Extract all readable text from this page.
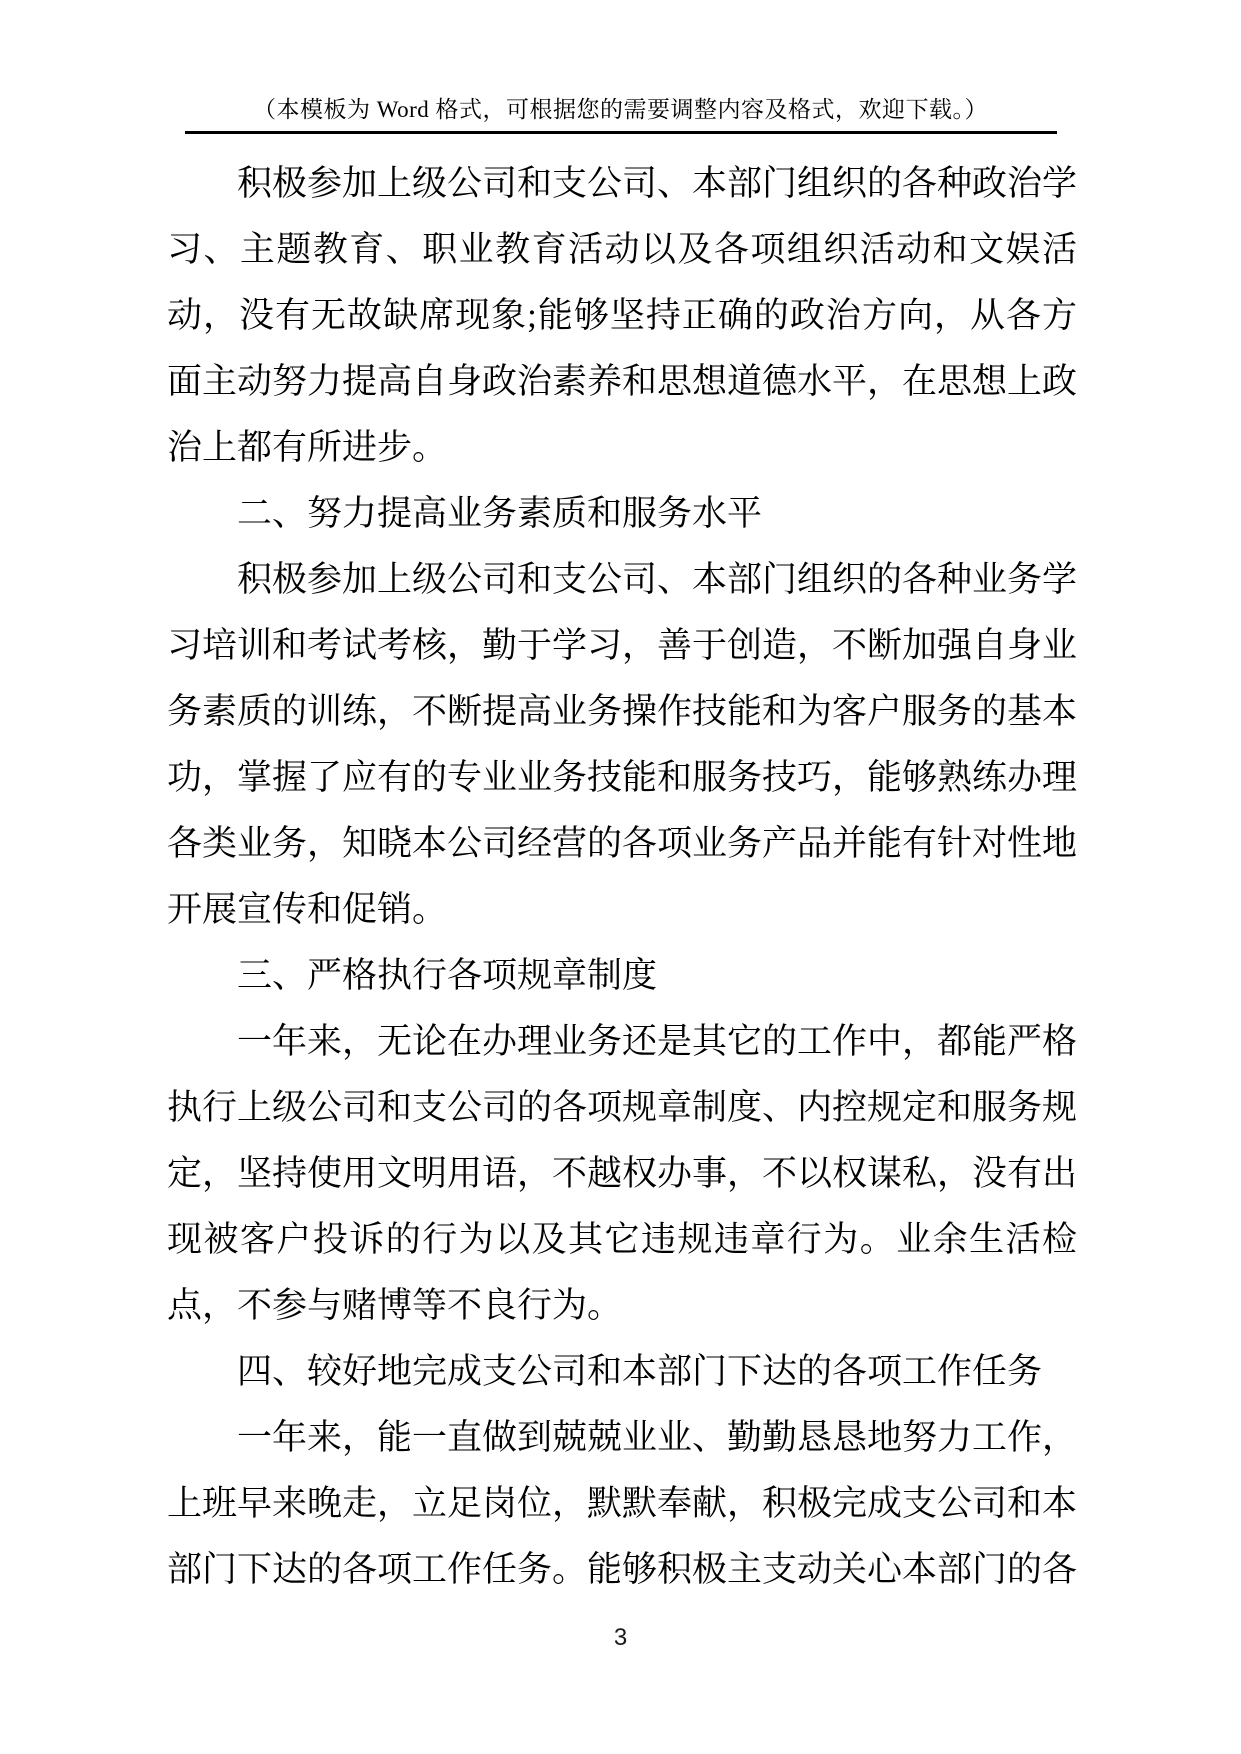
（本模板为 Word 格式，可根据您的需要调整内容及格式，欢迎下载。）

积极参加上级公司和支公司、本部门组织的各种政治学习、主题教育、职业教育活动以及各项组织活动和文娱活动，没有无故缺席现象;能够坚持正确的政治方向，从各方面主动努力提高自身政治素养和思想道德水平，在思想上政治上都有所进步。

二、努力提高业务素质和服务水平

积极参加上级公司和支公司、本部门组织的各种业务学习培训和考试考核，勤于学习，善于创造，不断加强自身业务素质的训练，不断提高业务操作技能和为客户服务的基本功，掌握了应有的专业业务技能和服务技巧，能够熟练办理各类业务，知晓本公司经营的各项业务产品并能有针对性地开展宣传和促销。

三、严格执行各项规章制度

一年来，无论在办理业务还是其它的工作中，都能严格执行上级公司和支公司的各项规章制度、内控规定和服务规定，坚持使用文明用语，不越权办事，不以权谋私，没有出现被客户投诉的行为以及其它违规违章行为。业余生活检点，不参与赌博等不良行为。

四、较好地完成支公司和本部门下达的各项工作任务

一年来，能一直做到兢兢业业、勤勤恳恳地努力工作，上班早来晚走，立足岗位，默默奉献，积极完成支公司和本部门下达的各项工作任务。能够积极主支动关心本部门的各

3
